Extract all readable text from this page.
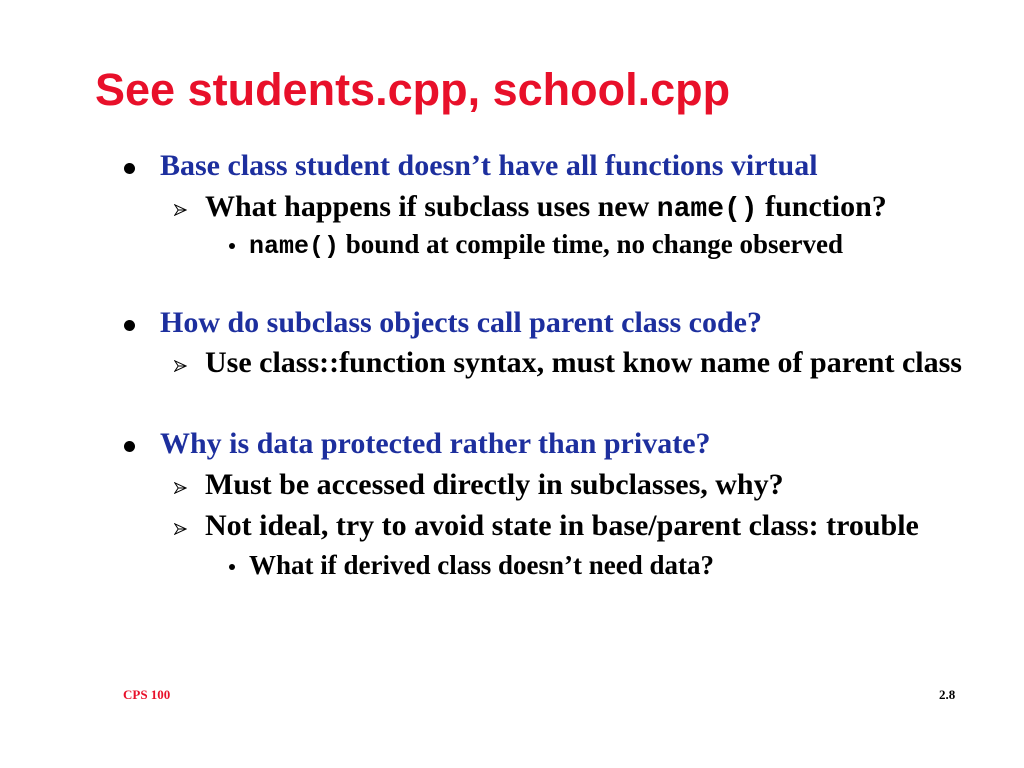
See students.cpp, school.cpp
Base class student doesn’t have all functions virtual
What happens if subclass uses new name() function?
name() bound at compile time, no change observed
How do subclass objects call parent class code?
Use class::function syntax, must know name of parent class
Why is data protected rather than private?
Must be accessed directly in subclasses, why?
Not ideal, try to avoid state in base/parent class: trouble
What if derived class doesn’t need data?
CPS 100	2.8
